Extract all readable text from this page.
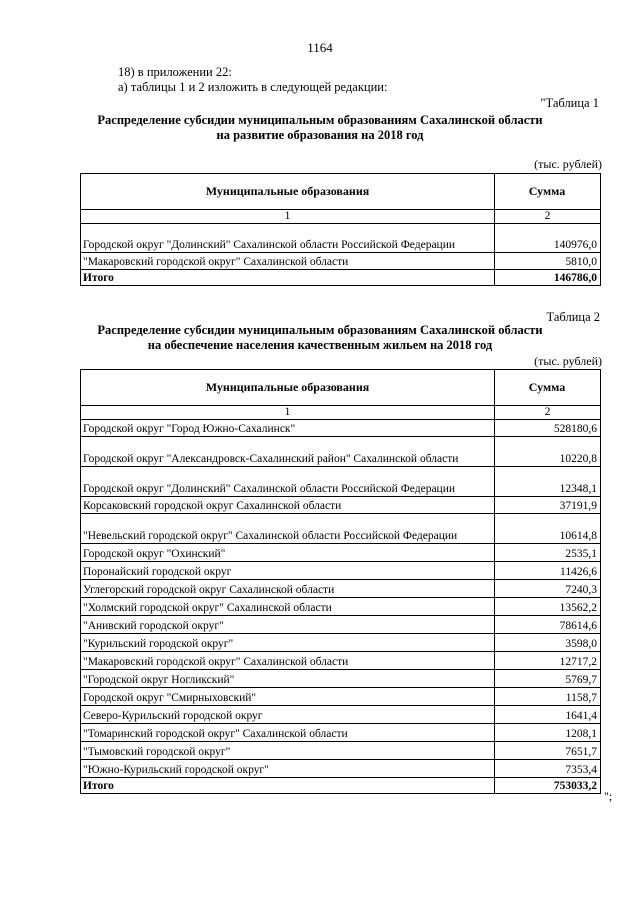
1164
18) в приложении 22:
а) таблицы 1 и 2 изложить в следующей редакции:
"Таблица 1
Распределение субсидии муниципальным образованиям Сахалинской области
на развитие образования на 2018 год
(тыс. рублей)
Муниципальные образования	Сумма
1	2
Городской округ "Долинский" Сахалинской области Российской Федерации	140976,0
"Макаровский городской округ" Сахалинской области	5810,0
Итого	146786,0
Таблица 2
Распределение субсидии муниципальным образованиям Сахалинской области
на обеспечение населения качественным жильем на 2018 год
(тыс. рублей)
Муниципальные образования	Сумма
1	2
Городской округ "Город Южно-Сахалинск"	528180,6
Городской округ "Александровск-Сахалинский район" Сахалинской области	10220,8
Городской округ "Долинский" Сахалинской области Российской Федерации	12348,1
Корсаковский городской округ Сахалинской области	37191,9
"Невельский городской округ" Сахалинской области Российской Федерации	10614,8
Городской округ "Охинский"	2535,1
Поронайский городской округ	11426,6
Углегорский городской округ Сахалинской области	7240,3
"Холмский городской округ" Сахалинской области	13562,2
"Анивский городской округ"	78614,6
"Курильский городской округ"	3598,0
"Макаровский городской округ" Сахалинской области	12717,2
"Городской округ Ногликский"	5769,7
Городской округ "Смирныховский"	1158,7
Северо-Курильский городской округ	1641,4
"Томаринский городской округ" Сахалинской области	1208,1
"Тымовский городской округ"	7651,7
"Южно-Курильский городской округ"	7353,4
Итого	753033,2
";
